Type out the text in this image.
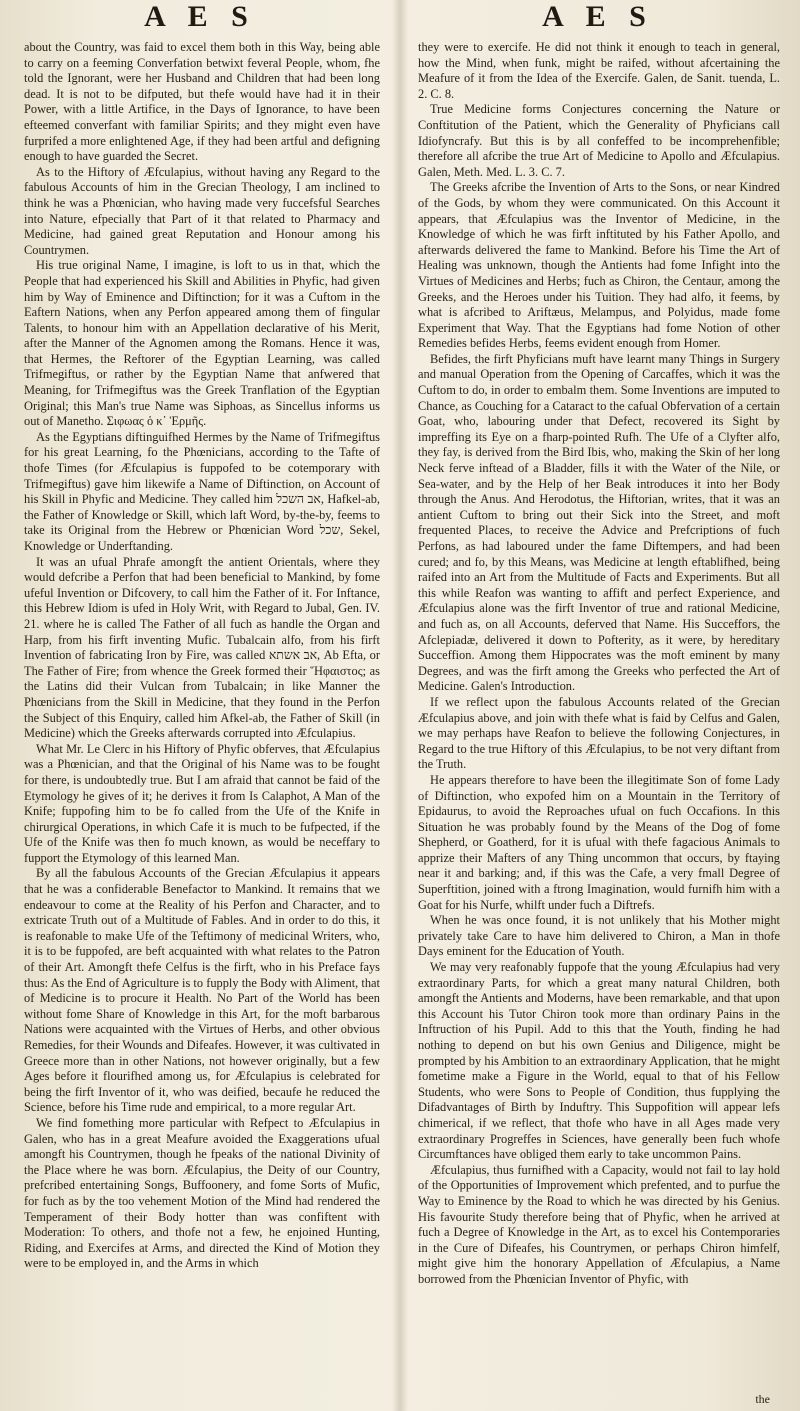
A E S	A E S

about the Country, was faid to excel them both in this Way, being able to carry on a feeming Converfation betwixt feveral People, whom, fhe told the Ignorant, were her Husband and Children that had been long dead. It is not to be difputed, but thefe would have had it in their Power, with a little Artifice, in the Days of Ignorance, to have been efteemed converfant with familiar Spirits; and they might even have furprifed a more enlightened Age, if they had been artful and defigning enough to have guarded the Secret.

As to the Hiftory of Æfculapius, without having any Regard to the fabulous Accounts of him in the Grecian Theology, I am inclined to think he was a Phœnician, who having made very fuccefsful Searches into Nature, efpecially that Part of it that related to Pharmacy and Medicine, had gained great Reputation and Honour among his Countrymen.

His true original Name, I imagine, is loft to us in that, which the People that had experienced his Skill and Abilities in Phyfic, had given him by Way of Eminence and Diftinction; for it was a Cuftom in the Eaftern Nations, when any Perfon appeared among them of fingular Talents, to honour him with an Appellation declarative of his Merit, after the Manner of the Agnomen among the Romans. Hence it was, that Hermes, the Reftorer of the Egyptian Learning, was called Trifmegiftus, or rather by the Egyptian Name that anfwered that Meaning, for Trifmegiftus was the Greek Tranflation of the Egyptian Original; this Man's true Name was Siphoas, as Sincellus informs us out of Manetho. Σιφωας ὁ κ᾽ Ἑρμῆς.

As the Egyptians diftinguifhed Hermes by the Name of Trifmegiftus for his great Learning, fo the Phœnicians, according to the Tafte of thofe Times (for Æfculapius is fuppofed to be cotemporary with Trifmegiftus) gave him likewife a Name of Diftinction, on Account of his Skill in Phyfic and Medicine. They called him אב השכל, Hafkel-ab, the Father of Knowledge or Skill, which laft Word, by-the-by, feems to take its Original from the Hebrew or Phœnician Word שכל, Sekel, Knowledge or Underftanding.

It was an ufual Phrafe amongft the antient Orientals, where they would defcribe a Perfon that had been beneficial to Mankind, by fome ufeful Invention or Difcovery, to call him the Father of it. For Inftance, this Hebrew Idiom is ufed in Holy Writ, with Regard to Jubal, Gen. IV. 21. where he is called The Father of all fuch as handle the Organ and Harp, from his firft inventing Mufic. Tubalcain alfo, from his firft Invention of fabricating Iron by Fire, was called אב אשתא, Ab Efta, or The Father of Fire; from whence the Greek formed their Ἥφαιστος; as the Latins did their Vulcan from Tubalcain; in like Manner the Phœnicians from the Skill in Medicine, that they found in the Perfon the Subject of this Enquiry, called him Afkel-ab, the Father of Skill (in Medicine) which the Greeks afterwards corrupted into Æfculapius.

What Mr. Le Clerc in his Hiftory of Phyfic obferves, that Æfculapius was a Phœnician, and that the Original of his Name was to be fought for there, is undoubtedly true. But I am afraid that cannot be faid of the Etymology he gives of it; he derives it from Is Calaphot, A Man of the Knife; fuppofing him to be fo called from the Ufe of the Knife in chirurgical Operations, in which Cafe it is much to be fufpected, if the Ufe of the Knife was then fo much known, as would be neceffary to fupport the Etymology of this learned Man.

By all the fabulous Accounts of the Grecian Æfculapius it appears that he was a confiderable Benefactor to Mankind. It remains that we endeavour to come at the Reality of his Perfon and Character, and to extricate Truth out of a Multitude of Fables. And in order to do this, it is reafonable to make Ufe of the Teftimony of medicinal Writers, who, it is to be fuppofed, are beft acquainted with what relates to the Patron of their Art. Amongft thefe Celfus is the firft, who in his Preface fays thus: As the End of Agriculture is to fupply the Body with Aliment, that of Medicine is to procure it Health. No Part of the World has been without fome Share of Knowledge in this Art, for the moft barbarous Nations were acquainted with the Virtues of Herbs, and other obvious Remedies, for their Wounds and Difeafes. However, it was cultivated in Greece more than in other Nations, not however originally, but a few Ages before it flourifhed among us, for Æfculapius is celebrated for being the firft Inventor of it, who was deified, becaufe he reduced the Science, before his Time rude and empirical, to a more regular Art.

We find fomething more particular with Refpect to Æfculapius in Galen, who has in a great Meafure avoided the Exaggerations ufual amongft his Countrymen, though he fpeaks of the national Divinity of the Place where he was born. Æfculapius, the Deity of our Country, prefcribed entertaining Songs, Buffoonery, and fome Sorts of Mufic, for fuch as by the too vehement Motion of the Mind had rendered the Temperament of their Body hotter than was confiftent with Moderation: To others, and thofe not a few, he enjoined Hunting, Riding, and Exercifes at Arms, and directed the Kind of Motion they were to be employed in, and the Arms in which

they were to exercife. He did not think it enough to teach in general, how the Mind, when funk, might be raifed, without afcertaining the Meafure of it from the Idea of the Exercife. Galen, de Sanit. tuenda, L. 2. C. 8.

True Medicine forms Conjectures concerning the Nature or Conftitution of the Patient, which the Generality of Phyficians call Idiofyncrafy. But this is by all confeffed to be incomprehenfible; therefore all afcribe the true Art of Medicine to Apollo and Æfculapius. Galen, Meth. Med. L. 3. C. 7.

The Greeks afcribe the Invention of Arts to the Sons, or near Kindred of the Gods, by whom they were communicated. On this Account it appears, that Æfculapius was the Inventor of Medicine, in the Knowledge of which he was firft inftituted by his Father Apollo, and afterwards delivered the fame to Mankind. Before his Time the Art of Healing was unknown, though the Antients had fome Infight into the Virtues of Medicines and Herbs; fuch as Chiron, the Centaur, among the Greeks, and the Heroes under his Tuition. They had alfo, it feems, by what is afcribed to Ariftæus, Melampus, and Polyidus, made fome Experiment that Way. That the Egyptians had fome Notion of other Remedies befides Herbs, feems evident enough from Homer.

Befides, the firft Phyficians muft have learnt many Things in Surgery and manual Operation from the Opening of Carcaffes, which it was the Cuftom to do, in order to embalm them. Some Inventions are imputed to Chance, as Couching for a Cataract to the cafual Obfervation of a certain Goat, who, labouring under that Defect, recovered its Sight by impreffing its Eye on a fharp-pointed Rufh. The Ufe of a Clyfter alfo, they fay, is derived from the Bird Ibis, who, making the Skin of her long Neck ferve inftead of a Bladder, fills it with the Water of the Nile, or Sea-water, and by the Help of her Beak introduces it into her Body through the Anus. And Herodotus, the Hiftorian, writes, that it was an antient Cuftom to bring out their Sick into the Street, and moft frequented Places, to receive the Advice and Prefcriptions of fuch Perfons, as had laboured under the fame Diftempers, and had been cured; and fo, by this Means, was Medicine at length eftablifhed, being raifed into an Art from the Multitude of Facts and Experiments. But all this while Reafon was wanting to affift and perfect Experience, and Æfculapius alone was the firft Inventor of true and rational Medicine, and fuch as, on all Accounts, deferved that Name. His Succeffors, the Afclepiadæ, delivered it down to Pofterity, as it were, by hereditary Succeffion. Among them Hippocrates was the moft eminent by many Degrees, and was the firft among the Greeks who perfected the Art of Medicine. Galen's Introduction.

If we reflect upon the fabulous Accounts related of the Grecian Æfculapius above, and join with thefe what is faid by Celfus and Galen, we may perhaps have Reafon to believe the following Conjectures, in Regard to the true Hiftory of this Æfculapius, to be not very diftant from the Truth.

He appears therefore to have been the illegitimate Son of fome Lady of Diftinction, who expofed him on a Mountain in the Territory of Epidaurus, to avoid the Reproaches ufual on fuch Occafions. In this Situation he was probably found by the Means of the Dog of fome Shepherd, or Goatherd, for it is ufual with thefe fagacious Animals to apprize their Mafters of any Thing uncommon that occurs, by ftaying near it and barking; and, if this was the Cafe, a very fmall Degree of Superftition, joined with a ftrong Imagination, would furnifh him with a Goat for his Nurfe, whilft under fuch a Diftrefs.

When he was once found, it is not unlikely that his Mother might privately take Care to have him delivered to Chiron, a Man in thofe Days eminent for the Education of Youth.

We may very reafonably fuppofe that the young Æfculapius had very extraordinary Parts, for which a great many natural Children, both amongft the Antients and Moderns, have been remarkable, and that upon this Account his Tutor Chiron took more than ordinary Pains in the Inftruction of his Pupil. Add to this that the Youth, finding he had nothing to depend on but his own Genius and Diligence, might be prompted by his Ambition to an extraordinary Application, that he might fometime make a Figure in the World, equal to that of his Fellow Students, who were Sons to People of Condition, thus fupplying the Difadvantages of Birth by Induftry. This Suppofition will appear lefs chimerical, if we reflect, that thofe who have in all Ages made very extraordinary Progreffes in Sciences, have generally been fuch whofe Circumftances have obliged them early to take uncommon Pains.

Æfculapius, thus furnifhed with a Capacity, would not fail to lay hold of the Opportunities of Improvement which prefented, and to purfue the Way to Eminence by the Road to which he was directed by his Genius. His favourite Study therefore being that of Phyfic, when he arrived at fuch a Degree of Knowledge in the Art, as to excel his Contemporaries in the Cure of Difeafes, his Countrymen, or perhaps Chiron himfelf, might give him the honorary Appellation of Æfculapius, a Name borrowed from the Phœnician Inventor of Phyfic, with

the
